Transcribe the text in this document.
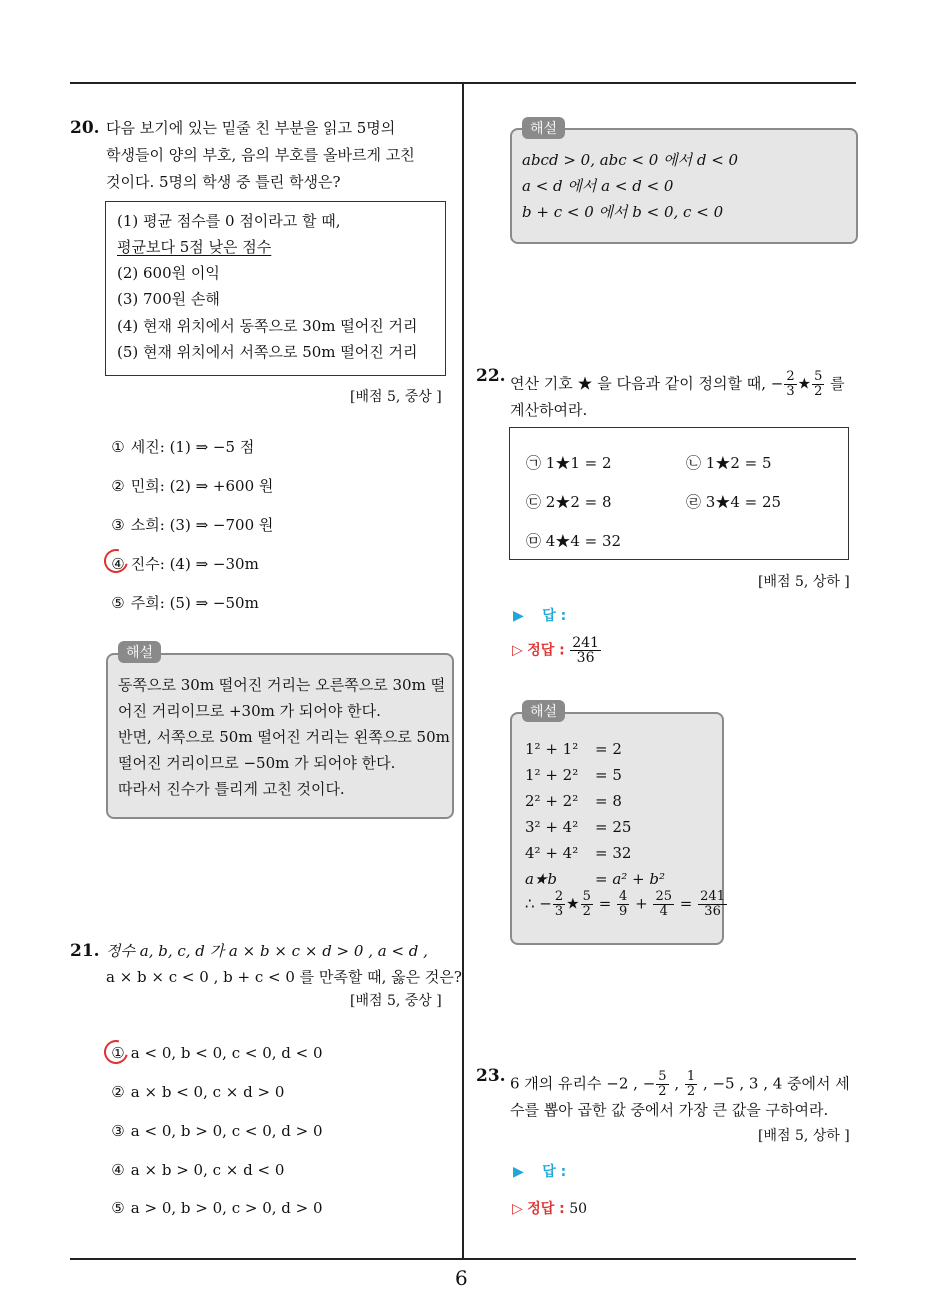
6
20. 다음 보기에 있는 밑줄 친 부분을 읽고 5명의
학생들이 양의 부호, 음의 부호를 올바르게 고친
것이다. 5명의 학생 중 틀린 학생은?
(1) 평균 점수를 0 점이라고 할 때,
평균보다 5점 낮은 점수
(2) 600원 이익
(3) 700원 손해
(4) 현재 위치에서 동쪽으로 30m 떨어진 거리
(5) 현재 위치에서 서쪽으로 50m 떨어진 거리
[배점 5, 중상 ]
① 세진: (1) ⇒ −5 점
② 민희: (2) ⇒ +600 원
③ 소희: (3) ⇒ −700 원
④ 진수: (4) ⇒ −30m
⑤ 주희: (5) ⇒ −50m
동쪽으로 30m 떨어진 거리는 오른쪽으로 30m 떨
어진 거리이므로 +30m 가 되어야 한다.
반면, 서쪽으로 50m 떨어진 거리는 왼쪽으로 50m
떨어진 거리이므로 −50m 가 되어야 한다.
따라서 진수가 틀리게 고친 것이다.
해설
21. 정수 a, b, c, d 가 a × b × c × d > 0 , a < d ,
a × b × c < 0 , b + c < 0 를 만족할 때, 옳은 것은?
[배점 5, 중상 ]
① a < 0, b < 0, c < 0, d < 0
② a × b < 0, c × d > 0
③ a < 0, b > 0, c < 0, d > 0
④ a × b > 0, c × d < 0
⑤ a > 0, b > 0, c > 0, d > 0
abcd > 0, abc < 0 에서 d < 0
a < d 에서 a < d < 0
b + c < 0 에서 b < 0, c < 0
해설
22. 연산 기호 ★ 을 다음과 같이 정의할 때, − $\frac{2}{3}$ ★ $\frac{5}{2}$ 를
계산하여라.
㉠ 1★1 = 2	㉡ 1★2 = 5
㉢ 2★2 = 8	㉣ 3★4 = 25
㉤ 4★4 = 32
[배점 5, 상하 ]
▶ 답 :
▷ 정답 : $\frac{241}{36}$
1² + 1² = 2
1² + 2² = 5
2² + 2² = 8
3² + 4² = 25
4² + 4² = 32
a★b	= a² + b²
∴ − $\frac{2}{3}$ ★ $\frac{5}{2} = \frac{4}{9} + \frac{25}{4} = \frac{241}{36}$
해설
23. 6 개의 유리수 −2 , − $\frac{5}{2}$ , $\frac{1}{2}$ , −5 , 3 , 4 중에서 세
수를 뽑아 곱한 값 중에서 가장 큰 값을 구하여라.
[배점 5, 상하 ]
▶ 답 :
▷ 정답 : 50
